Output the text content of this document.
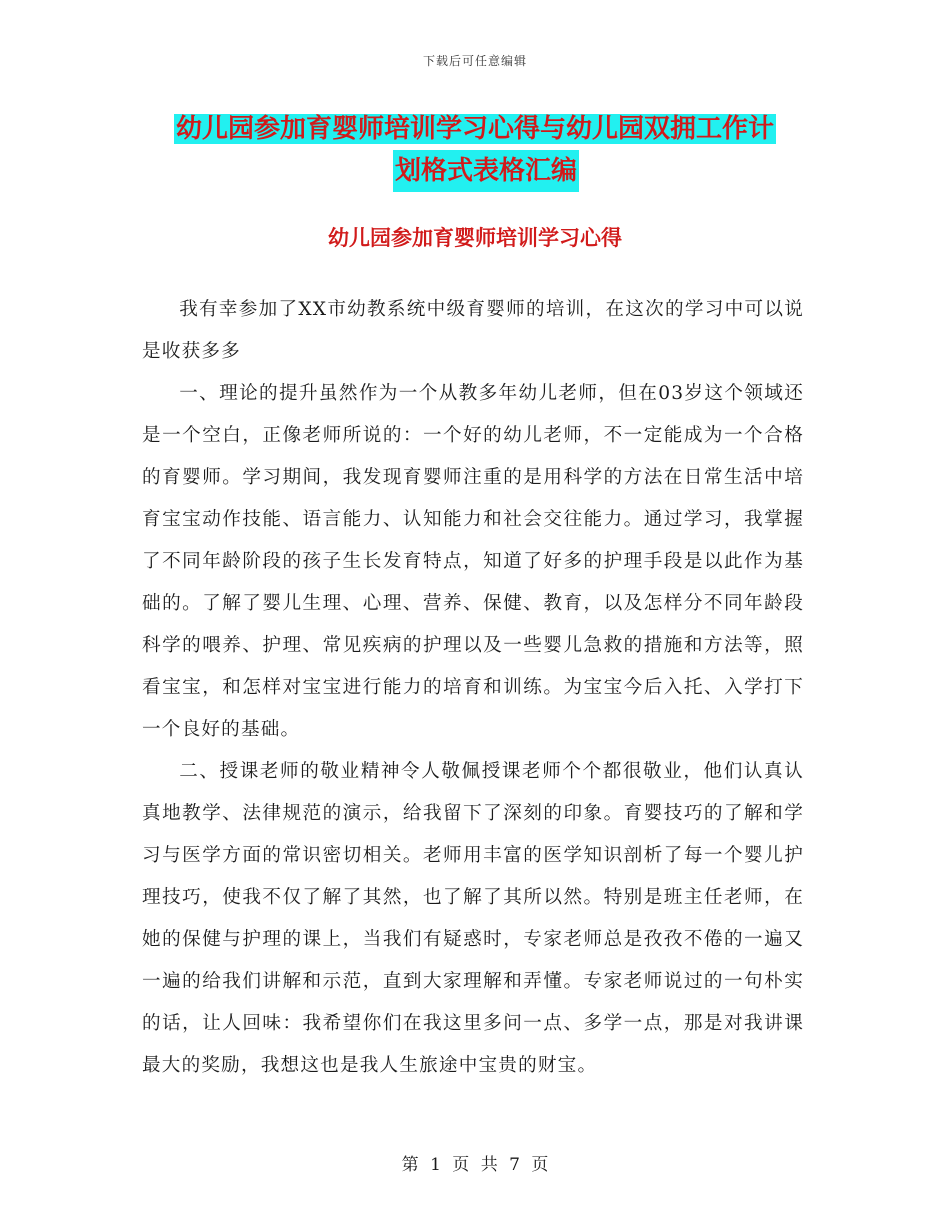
下载后可任意编辑
幼儿园参加育婴师培训学习心得与幼儿园双拥工作计
划格式表格汇编
幼儿园参加育婴师培训学习心得

我有幸参加了XX市幼教系统中级育婴师的培训，在这次的学习中可以说是收获多多

一、理论的提升虽然作为一个从教多年幼儿老师，但在03岁这个领域还是一个空白，正像老师所说的：一个好的幼儿老师，不一定能成为一个合格的育婴师。学习期间，我发现育婴师注重的是用科学的方法在日常生活中培育宝宝动作技能、语言能力、认知能力和社会交往能力。通过学习，我掌握了不同年龄阶段的孩子生长发育特点，知道了好多的护理手段是以此作为基础的。了解了婴儿生理、心理、营养、保健、教育，以及怎样分不同年龄段科学的喂养、护理、常见疾病的护理以及一些婴儿急救的措施和方法等，照看宝宝，和怎样对宝宝进行能力的培育和训练。为宝宝今后入托、入学打下一个良好的基础。

二、授课老师的敬业精神令人敬佩授课老师个个都很敬业，他们认真认真地教学、法律规范的演示，给我留下了深刻的印象。育婴技巧的了解和学习与医学方面的常识密切相关。老师用丰富的医学知识剖析了每一个婴儿护理技巧，使我不仅了解了其然，也了解了其所以然。特别是班主任老师，在她的保健与护理的课上，当我们有疑惑时，专家老师总是孜孜不倦的一遍又一遍的给我们讲解和示范，直到大家理解和弄懂。专家老师说过的一句朴实的话，让人回味：我希望你们在我这里多问一点、多学一点，那是对我讲课最大的奖励，我想这也是我人生旅途中宝贵的财宝。

第 1 页 共 7 页
